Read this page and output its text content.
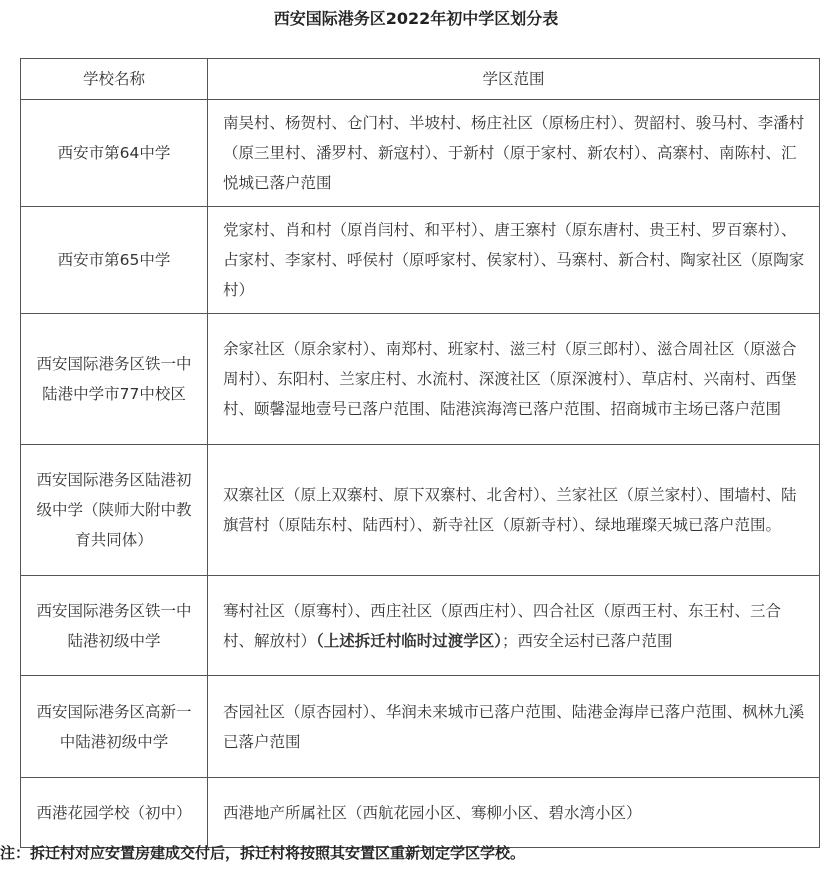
西安国际港务区2022年初中学区划分表
学校名称	学区范围
西安市第64中学	南吴村、杨贺村、仓门村、半坡村、杨庄社区（原杨庄村）、贺韶村、骏马村、李潘村（原三里村、潘罗村、新寇村）、于新村（原于家村、新农村）、高寨村、南陈村、汇悦城已落户范围
西安市第65中学	党家村、肖和村（原肖闫村、和平村）、唐王寨村（原东唐村、贵王村、罗百寨村）、占家村、李家村、呼侯村（原呼家村、侯家村）、马寨村、新合村、陶家社区（原陶家村）
西安国际港务区铁一中陆港中学市77中校区	余家社区（原余家村）、南郑村、班家村、滋三村（原三郎村）、滋合周社区（原滋合周村）、东阳村、兰家庄村、水流村、深渡社区（原深渡村）、草店村、兴南村、西堡村、颐馨湿地壹号已落户范围、陆港滨海湾已落户范围、招商城市主场已落户范围
西安国际港务区陆港初级中学（陕师大附中教育共同体）	双寨社区（原上双寨村、原下双寨村、北舍村）、兰家社区（原兰家村）、围墙村、陆旗营村（原陆东村、陆西村）、新寺社区（原新寺村）、绿地璀璨天城已落户范围。
西安国际港务区铁一中陆港初级中学	骞村社区（原骞村）、西庄社区（原西庄村）、四合社区（原西王村、东王村、三合村、解放村）（上述拆迁村临时过渡学区）；西安全运村已落户范围
西安国际港务区高新一中陆港初级中学	杏园社区（原杏园村）、华润未来城市已落户范围、陆港金海岸已落户范围、枫林九溪已落户范围
西港花园学校（初中）	西港地产所属社区（西航花园小区、骞柳小区、碧水湾小区）
注：拆迁村对应安置房建成交付后，拆迁村将按照其安置区重新划定学区学校。
